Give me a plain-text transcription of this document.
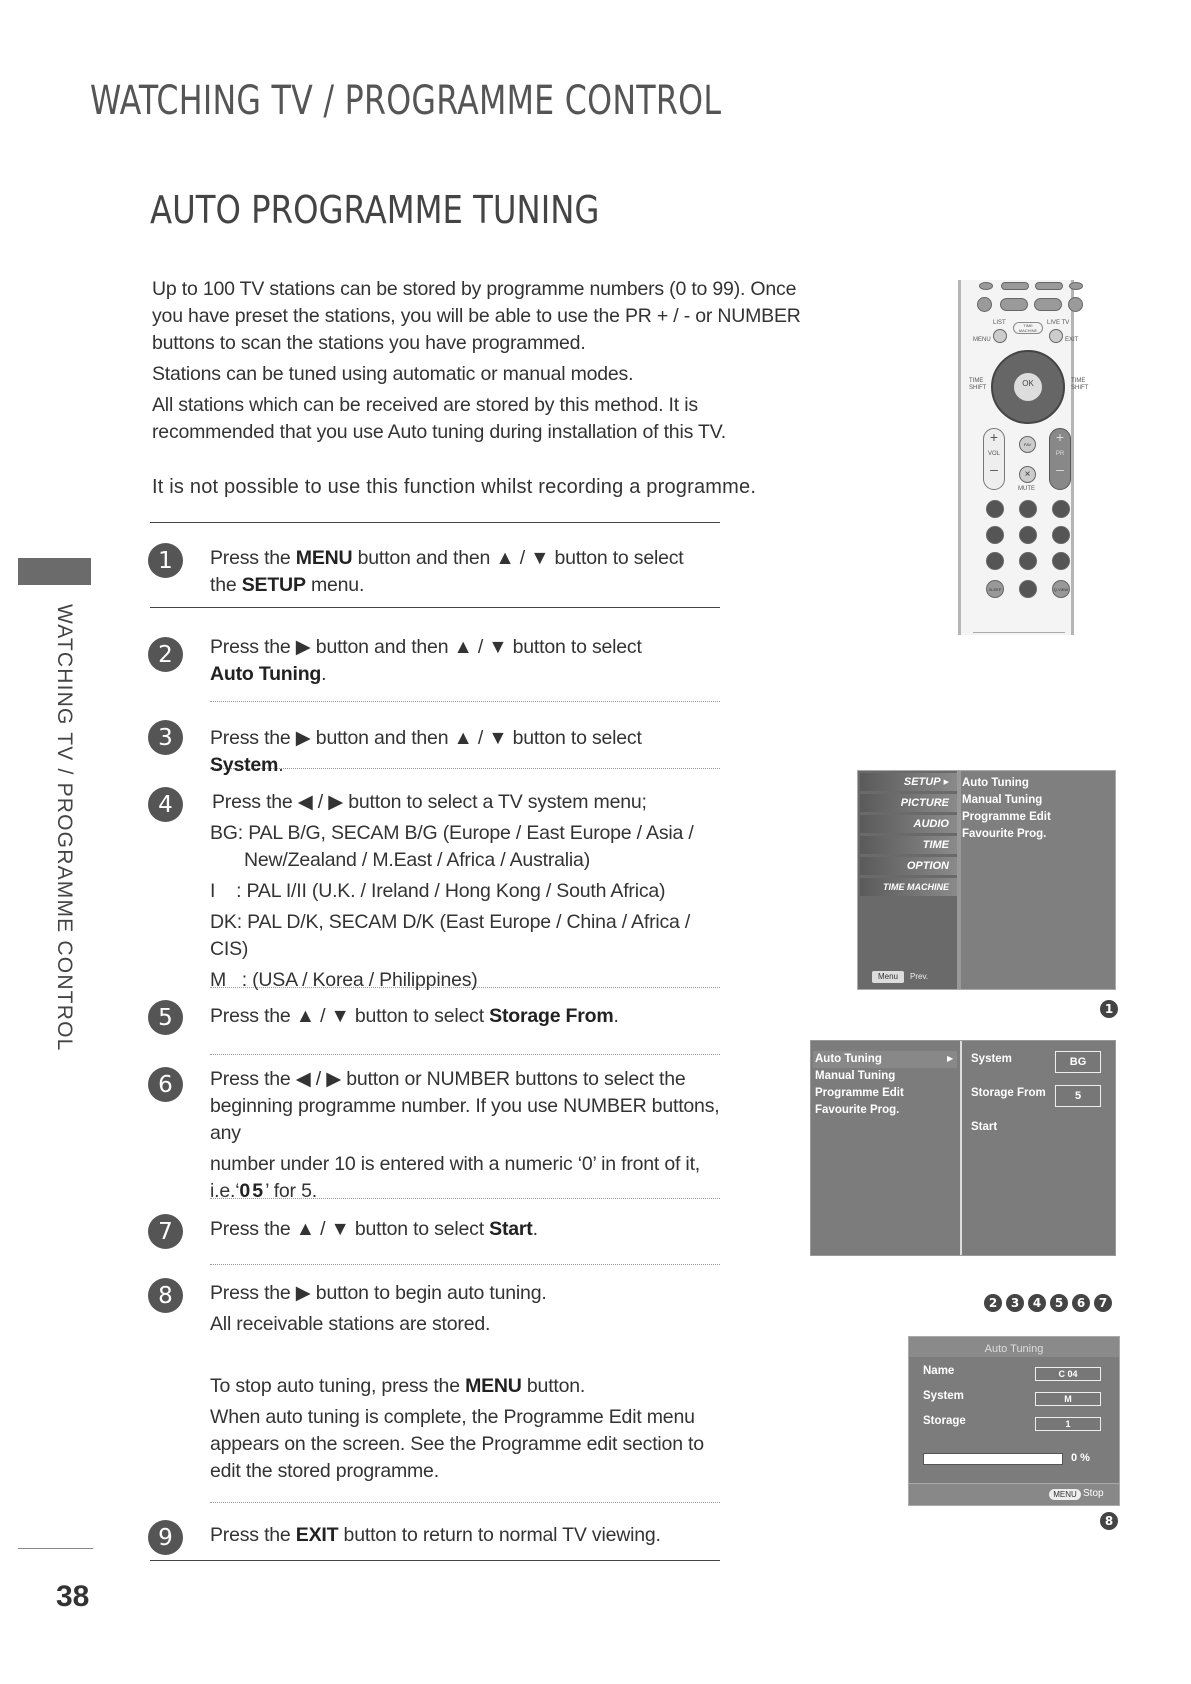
WATCHING TV / PROGRAMME CONTROL
AUTO PROGRAMME TUNING
WATCHING TV / PROGRAMME CONTROL
38

Up to 100 TV stations can be stored by programme numbers (0 to 99). Once you have preset the stations, you will be able to use the PR + / - or NUMBER buttons to scan the stations you have programmed.

Stations can be tuned using automatic or manual modes.

All stations which can be received are stored by this method. It is recommended that you use Auto tuning during installation of this TV.

It is not possible to use this function whilst recording a programme.
1	Press the MENU button and then ▲ / ▼ button to select the SETUP menu.
2	Press the ▶ button and then ▲ / ▼ button to select Auto Tuning.
3	Press the ▶ button and then ▲ / ▼ button to select System.
4	Press the ◀ / ▶ button to select a TV system menu;
BG: PAL B/G, SECAM B/G (Europe / East Europe / Asia /
New/Zealand / M.East / Africa / Australia)
I    : PAL I/II (U.K. / Ireland / Hong Kong / South Africa)
DK: PAL D/K, SECAM D/K (East Europe / China / Africa / CIS)
M   : (USA / Korea / Philippines)
5	Press the ▲ / ▼ button to select Storage From.
6	Press the ◀ / ▶ button or NUMBER buttons to select the beginning programme number. If you use NUMBER buttons, any
number under 10 is entered with a numeric ‘0’ in front of it,
i.e.‘05’ for 5.
7	Press the ▲ / ▼ button to select Start.
8	Press the ▶ button to begin auto tuning.
All receivable stations are stored.
To stop auto tuning, press the MENU button.
When auto tuning is complete, the Programme Edit menu appears on the screen. See the Programme edit section to edit the stored programme.
9	Press the EXIT button to return to normal TV viewing.
LIST	TIME MACHINE
LIVE TV
MENU	EXIT
OK
TIME SHIFT
TIME SHIFT
+
VOL
–
+
PR
–
FAV
×
MUTE
SLEEP	Q.VIEW
SETUP
▶
PICTURE
AUDIO
TIME
OPTION
TIME MACHINE
Menu	Prev.
Auto Tuning
Manual Tuning
Programme Edit
Favourite Prog.
1
Auto Tuning
Manual Tuning
Programme Edit
Favourite Prog.
▶ System	BG
Storage From	5
Start
2 3 4 5 6 7
Auto Tuning
Name	C 04
System	M
Storage	1
0 %
MENU Stop
8
